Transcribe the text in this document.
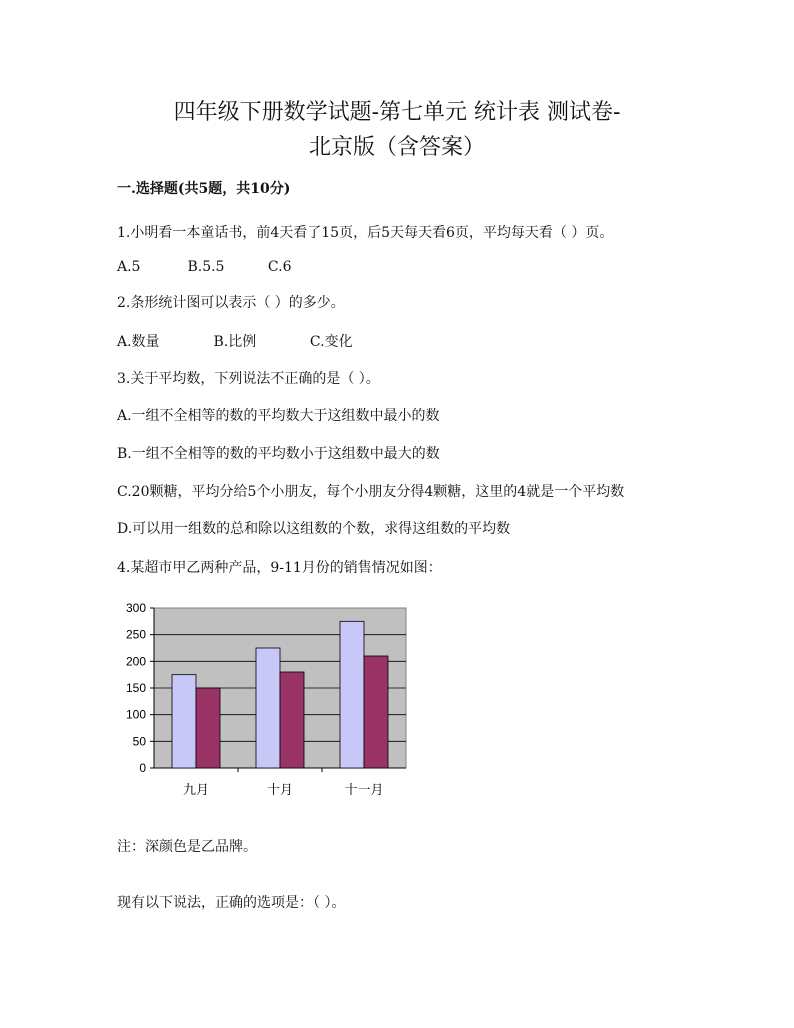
四年级下册数学试题-第七单元 统计表 测试卷-
北京版（含答案）
一.选择题(共5题，共10分)
1.小明看一本童话书，前4天看了15页，后5天每天看6页，平均每天看（ ）页。
A.5	B.5.5	C.6
2.条形统计图可以表示（ ）的多少。
A.数量	B.比例	C.变化
3.关于平均数，下列说法不正确的是（ ）。
A.一组不全相等的数的平均数大于这组数中最小的数
B.一组不全相等的数的平均数小于这组数中最大的数
C.20颗糖，平均分给5个小朋友，每个小朋友分得4颗糖，这里的4就是一个平均数
D.可以用一组数的总和除以这组数的个数，求得这组数的平均数
4.某超市甲乙两种产品，9-11月份的销售情况如图：
0
50
100
150
200
250
300
九月	十月	十一月
注：深颜色是乙品牌。
现有以下说法，正确的选项是：（ ）。
